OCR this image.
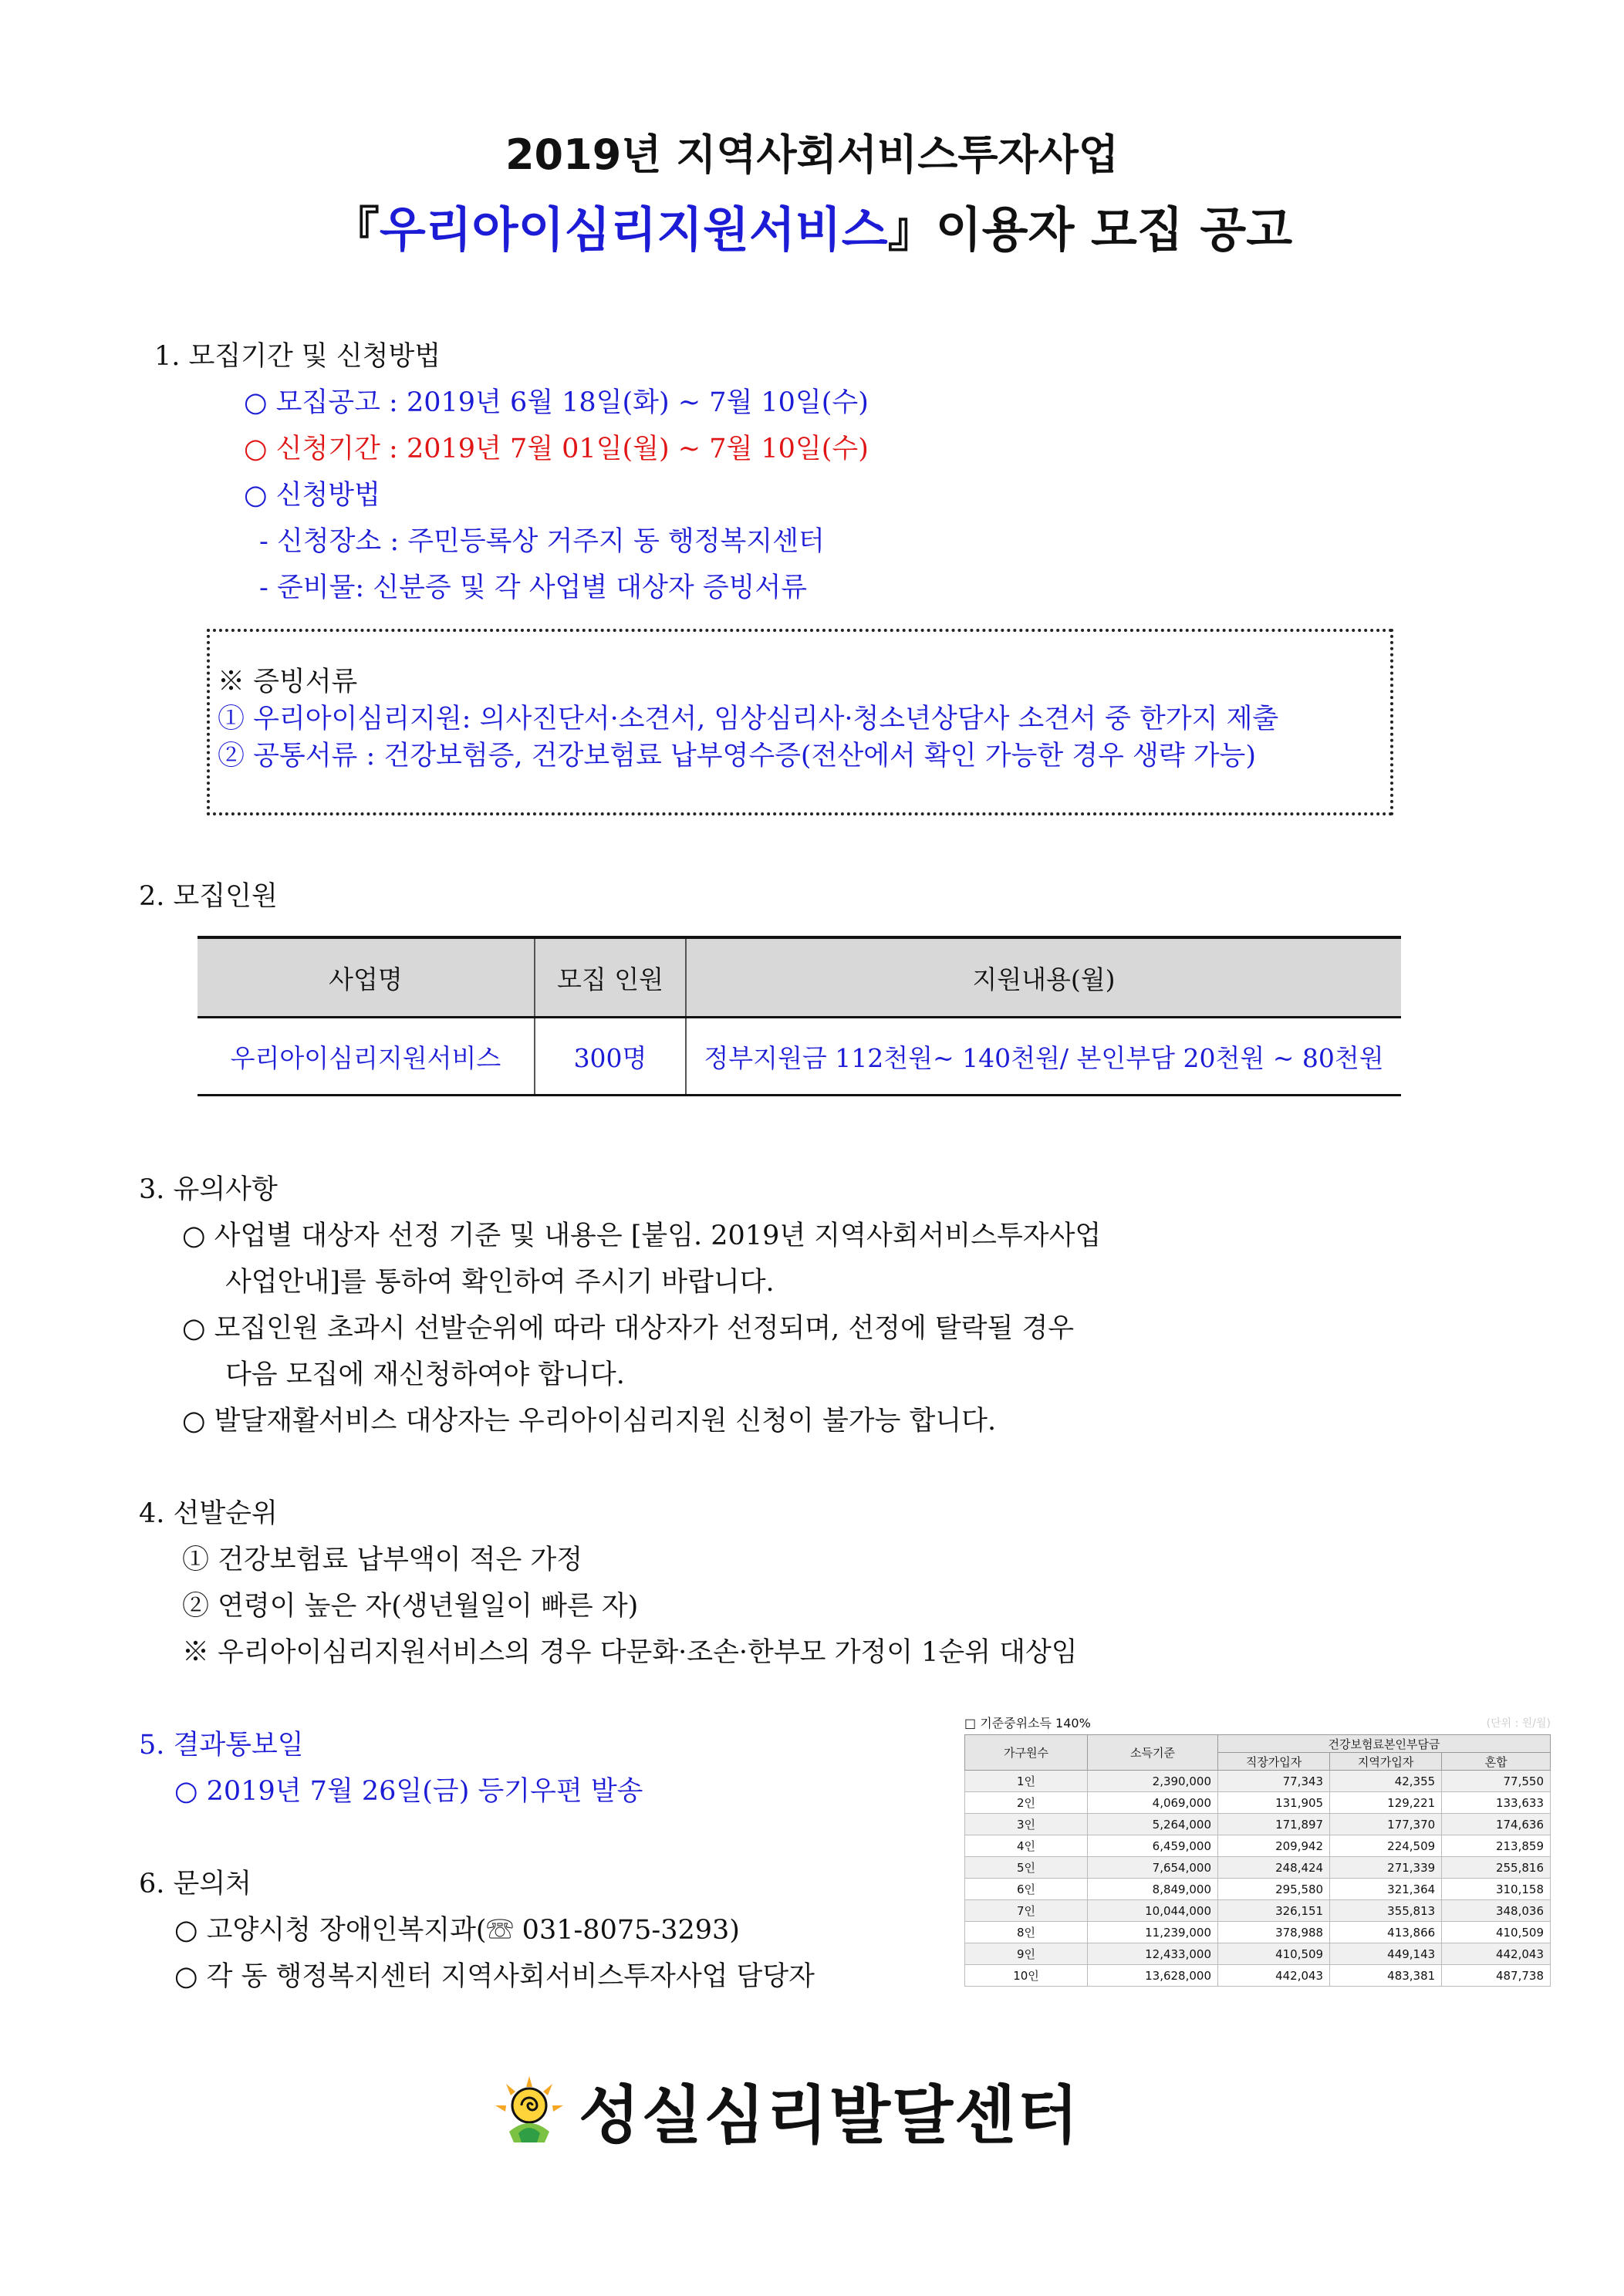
2019년 지역사회서비스투자사업
『우리아이심리지원서비스』이용자 모집 공고
1. 모집기간 및 신청방법
○ 모집공고 : 2019년 6월 18일(화) ~ 7월 10일(수)
○ 신청기간 : 2019년 7월 01일(월) ~ 7월 10일(수)
○ 신청방법
- 신청장소 : 주민등록상 거주지 동 행정복지센터
- 준비물: 신분증 및 각 사업별 대상자 증빙서류
※ 증빙서류
① 우리아이심리지원: 의사진단서·소견서, 임상심리사·청소년상담사 소견서 중 한가지 제출
② 공통서류 : 건강보험증, 건강보험료 납부영수증(전산에서 확인 가능한 경우 생략 가능)
2. 모집인원
사업명	모집 인원	지원내용(월)
우리아이심리지원서비스	300명	정부지원금 112천원~ 140천원/ 본인부담 20천원 ~ 80천원
3. 유의사항
○ 사업별 대상자 선정 기준 및 내용은 [붙임. 2019년 지역사회서비스투자사업
사업안내]를 통하여 확인하여 주시기 바랍니다.
○ 모집인원 초과시 선발순위에 따라 대상자가 선정되며, 선정에 탈락될 경우
다음 모집에 재신청하여야 합니다.
○ 발달재활서비스 대상자는 우리아이심리지원 신청이 불가능 합니다.
4. 선발순위
① 건강보험료 납부액이 적은 가정
② 연령이 높은 자(생년월일이 빠른 자)
※ 우리아이심리지원서비스의 경우 다문화·조손·한부모 가정이 1순위 대상임
5. 결과통보일
○ 2019년 7월 26일(금) 등기우편 발송
6. 문의처
○ 고양시청 장애인복지과(☏ 031-8075-3293)
○ 각 동 행정복지센터 지역사회서비스투자사업 담당자
□ 기준중위소득 140%	(단위 : 원/월)
가구원수	소득기준	건강보험료본인부담금		
		직장가입자	지역가입자	혼합
1인	2,390,000	77,343	42,355	77,550
2인	4,069,000	131,905	129,221	133,633
3인	5,264,000	171,897	177,370	174,636
4인	6,459,000	209,942	224,509	213,859
5인	7,654,000	248,424	271,339	255,816
6인	8,849,000	295,580	321,364	310,158
7인	10,044,000	326,151	355,813	348,036
8인	11,239,000	378,988	413,866	410,509
9인	12,433,000	410,509	449,143	442,043
10인	13,628,000	442,043	483,381	487,738
성실심리발달센터
